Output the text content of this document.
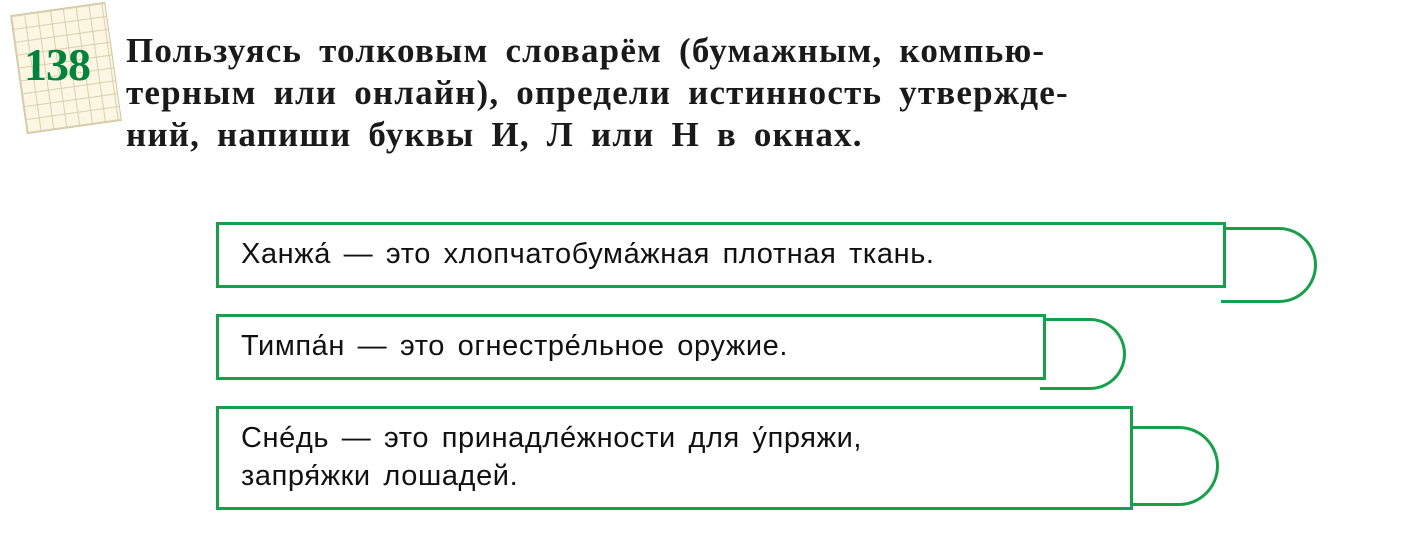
138	Пользуясь толковым словарём (бумажным, компью-
терным или онлайн), определи истинность утвержде-
ний, напиши буквы И, Л или Н в окнах.
Ханжа́ — это хлопчатобума́жная плотная ткань.
Тимпа́н — это огнестре́льное оружие.
Снéдь — это принадлéжности для у́пряжи,
запря́жки лошадей.
